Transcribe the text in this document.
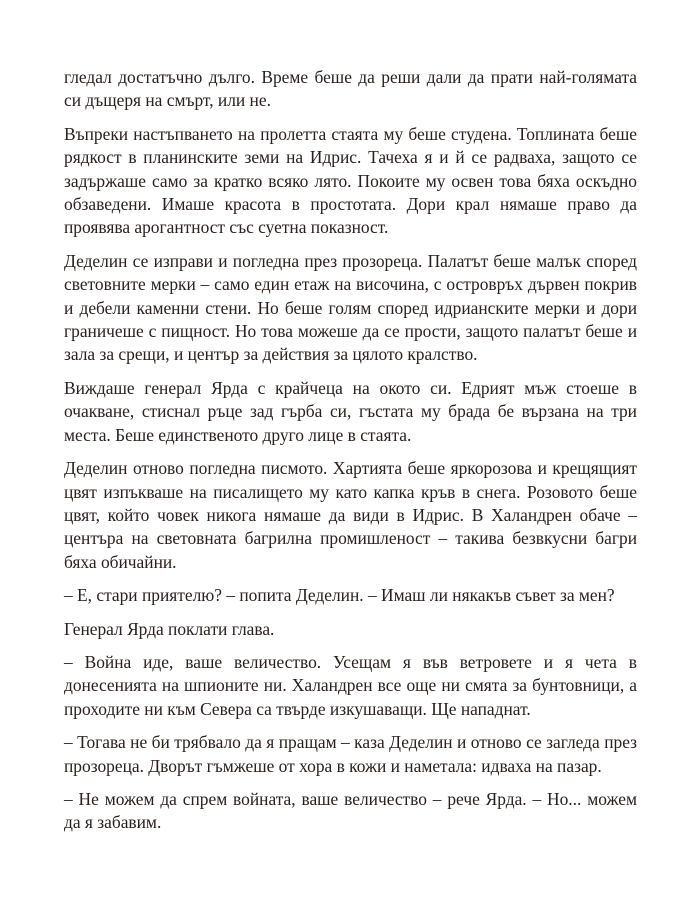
гледал достатъчно дълго. Време беше да реши дали да прати най-голямата си дъщеря на смърт, или не.

Въпреки настъпването на пролетта стаята му беше студена. Топлината беше рядкост в планинските земи на Идрис. Тачеха я и й се радваха, защото се задържаше само за кратко всяко лято. Покоите му освен това бяха оскъдно обзаведени. Имаше красота в простотата. Дори крал нямаше право да проявява арогантност със суетна показност.

Деделин се изправи и погледна през прозореца. Палатът беше малък според световните мерки – само един етаж на височина, с островръх дървен покрив и дебели каменни стени. Но беше голям според идрианските мерки и дори граничеше с пищност. Но това можеше да се прости, защото палатът беше и зала за срещи, и център за действия за цялото кралство.

Виждаше генерал Ярда с крайчеца на окото си. Едрият мъж стоеше в очакване, стиснал ръце зад гърба си, гъстата му брада бе вързана на три места. Беше единственото друго лице в стаята.

Деделин отново погледна писмото. Хартията беше яркорозова и крещящият цвят изпъкваше на писалището му като капка кръв в снега. Розовото беше цвят, който човек никога нямаше да види в Идрис. В Халандрен обаче – центъра на световната багрилна промишленост – такива безвкусни багри бяха обичайни.

– Е, стари приятелю? – попита Деделин. – Имаш ли някакъв съвет за мен?

Генерал Ярда поклати глава.

– Война иде, ваше величество. Усещам я във ветровете и я чета в донесенията на шпионите ни. Халандрен все още ни смята за бунтовници, а проходите ни към Севера са твърде изкушаващи. Ще нападнат.

– Тогава не би трябвало да я пращам – каза Деделин и отново се загледа през прозореца. Дворът гъмжеше от хора в кожи и наметала: идваха на пазар.

– Не можем да спрем войната, ваше величество – рече Ярда. – Но... можем да я забавим.
